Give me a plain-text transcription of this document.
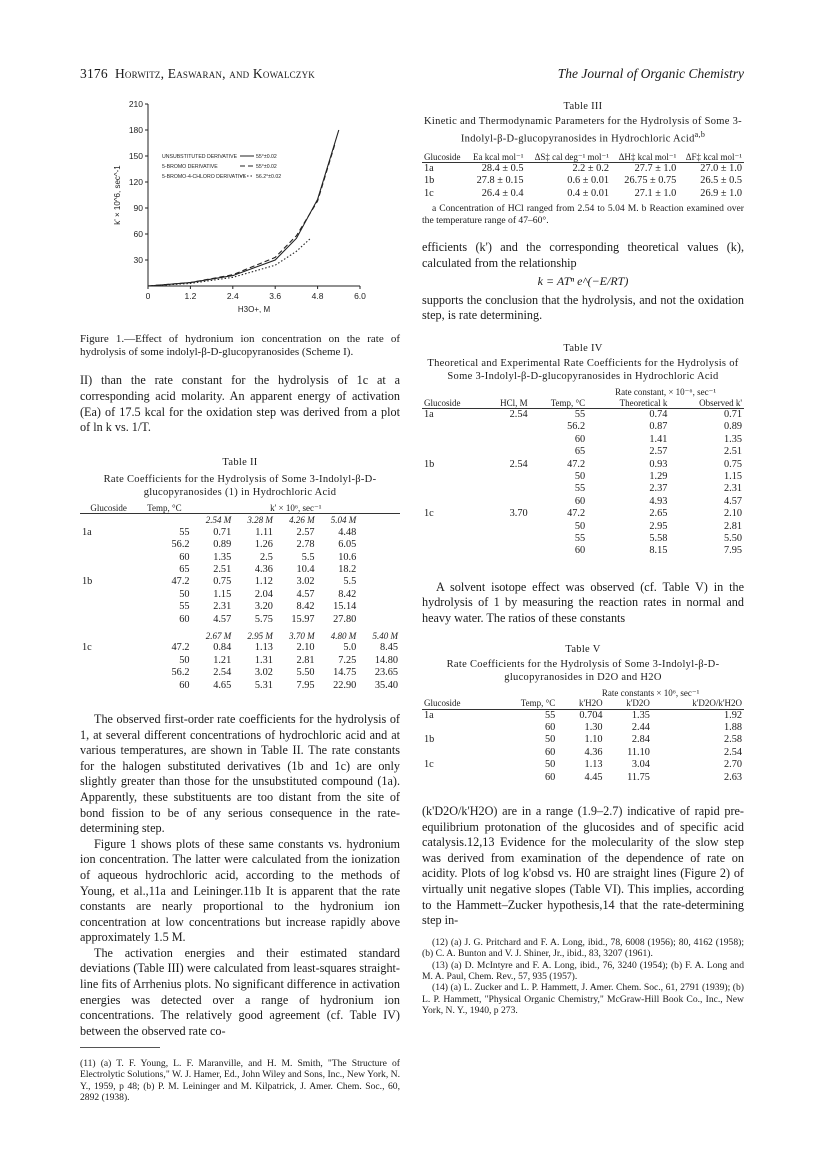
3176 Horwitz, Easwaran, and Kowalczyk	The Journal of Organic Chemistry
0	1.2	2.4	3.6	4.8	6.0
30
60
90
120
150
180
210
H3O+, M
k' × 10^6, sec^-1
UNSUBSTITUTED DERIVATIVE	55°±0.02
5-BROMO DERIVATIVE	55°±0.02
5-BROMO-4-CHLORO DERIVATIVE 56.2°±0.02

Figure 1.—Effect of hydronium ion concentration on the rate of hydrolysis of some indolyl-β-D-glucopyranosides (Scheme I).

II) than the rate constant for the hydrolysis of 1c at a corresponding acid molarity. An apparent energy of activation (Ea) of 17.5 kcal for the oxidation step was derived from a plot of ln k vs. 1/T.

Table II
Rate Coefficients for the Hydrolysis of Some 3-Indolyl-β-D-glucopyranosides (1) in Hydrochloric Acid
Glucoside	Temp, °C	k' × 10⁶, sec⁻¹				
		2.54 M	3.28 M	4.26 M	5.04 M	
1a	55	0.71	1.11	2.57	4.48	
	56.2	0.89	1.26	2.78	6.05	
	60	1.35	2.5	5.5	10.6	
	65	2.51	4.36	10.4	18.2	
1b	47.2	0.75	1.12	3.02	5.5	
	50	1.15	2.04	4.57	8.42	
	55	2.31	3.20	8.42	15.14	
	60	4.57	5.75	15.97	27.80	
		2.67 M	2.95 M	3.70 M	4.80 M	5.40 M
1c	47.2	0.84	1.13	2.10	5.0	8.45
	50	1.21	1.31	2.81	7.25	14.80
	56.2	2.54	3.02	5.50	14.75	23.65
	60	4.65	5.31	7.95	22.90	35.40

The observed first-order rate coefficients for the hydrolysis of 1, at several different concentrations of hydrochloric acid and at various temperatures, are shown in Table II. The rate constants for the halogen substituted derivatives (1b and 1c) are only slightly greater than those for the unsubstituted compound (1a). Apparently, these substituents are too distant from the site of bond fission to be of any serious consequence in the rate-determining step.

Figure 1 shows plots of these same constants vs. hydronium ion concentration. The latter were calculated from the ionization of aqueous hydrochloric acid, according to the methods of Young, et al.,11a and Leininger.11b It is apparent that the rate constants are nearly proportional to the hydronium ion concentration at low concentrations but increase rapidly above approximately 1.5 M.

The activation energies and their estimated standard deviations (Table III) were calculated from least-squares straight-line fits of Arrhenius plots. No significant difference in activation energies was detected over a range of hydronium ion concentrations. The relatively good agreement (cf. Table IV) between the observed rate co-

(11) (a) T. F. Young, L. F. Maranville, and H. M. Smith, "The Structure of Electrolytic Solutions," W. J. Hamer, Ed., John Wiley and Sons, Inc., New York, N. Y., 1959, p 48; (b) P. M. Leininger and M. Kilpatrick, J. Amer. Chem. Soc., 60, 2892 (1938).

Table III
Kinetic and Thermodynamic Parameters for the Hydrolysis of Some 3-Indolyl-β-D-glucopyranosides in Hydrochloric Acid$^{a,b}$
Glucoside	Ea kcal mol⁻¹	ΔS‡ cal deg⁻¹ mol⁻¹	ΔH‡ kcal mol⁻¹	ΔF‡ kcal mol⁻¹
1a	28.4 ± 0.5	2.2 ± 0.2	27.7 ± 1.0	27.0 ± 1.0
1b	27.8 ± 0.15	0.6 ± 0.01	26.75 ± 0.75	26.5 ± 0.5
1c	26.4 ± 0.4	0.4 ± 0.01	27.1 ± 1.0	26.9 ± 1.0

a Concentration of HCl ranged from 2.54 to 5.04 M. b Reaction examined over the temperature range of 47–60°.

efficients (k') and the corresponding theoretical values (k), calculated from the relationship

k = ATⁿ e^(−E/RT)

supports the conclusion that the hydrolysis, and not the oxidation step, is rate determining.

Table IV
Theoretical and Experimental Rate Coefficients for the Hydrolysis of Some 3-Indolyl-β-D-glucopyranosides in Hydrochloric Acid
			Rate constant, × 10⁻⁶, sec⁻¹	
Glucoside	HCl, M	Temp, °C	Theoretical k	Observed k'
1a	2.54	55	0.74	0.71
		56.2	0.87	0.89
		60	1.41	1.35
		65	2.57	2.51
1b	2.54	47.2	0.93	0.75
		50	1.29	1.15
		55	2.37	2.31
		60	4.93	4.57
1c	3.70	47.2	2.65	2.10
		50	2.95	2.81
		55	5.58	5.50
		60	8.15	7.95

A solvent isotope effect was observed (cf. Table V) in the hydrolysis of 1 by measuring the reaction rates in normal and heavy water. The ratios of these constants

Table V
Rate Coefficients for the Hydrolysis of Some 3-Indolyl-β-D-glucopyranosides in D2O and H2O
		Rate constants × 10⁶, sec⁻¹		
Glucoside	Temp, °C	k'H2O	k'D2O	k'D2O/k'H2O
1a	55	0.704	1.35	1.92
	60	1.30	2.44	1.88
1b	50	1.10	2.84	2.58
	60	4.36	11.10	2.54
1c	50	1.13	3.04	2.70
	60	4.45	11.75	2.63

(k'D2O/k'H2O) are in a range (1.9–2.7) indicative of rapid pre-equilibrium protonation of the glucosides and of specific acid catalysis.12,13 Evidence for the molecularity of the slow step was derived from examination of the dependence of rate on acidity. Plots of log k'obsd vs. H0 are straight lines (Figure 2) of virtually unit negative slopes (Table VI). This implies, according to the Hammett–Zucker hypothesis,14 that the rate-determining step in-

(12) (a) J. G. Pritchard and F. A. Long, ibid., 78, 6008 (1956); 80, 4162 (1958); (b) C. A. Bunton and V. J. Shiner, Jr., ibid., 83, 3207 (1961).

(13) (a) D. McIntyre and F. A. Long, ibid., 76, 3240 (1954); (b) F. A. Long and M. A. Paul, Chem. Rev., 57, 935 (1957).

(14) (a) L. Zucker and L. P. Hammett, J. Amer. Chem. Soc., 61, 2791 (1939); (b) L. P. Hammett, "Physical Organic Chemistry," McGraw-Hill Book Co., Inc., New York, N. Y., 1940, p 273.
